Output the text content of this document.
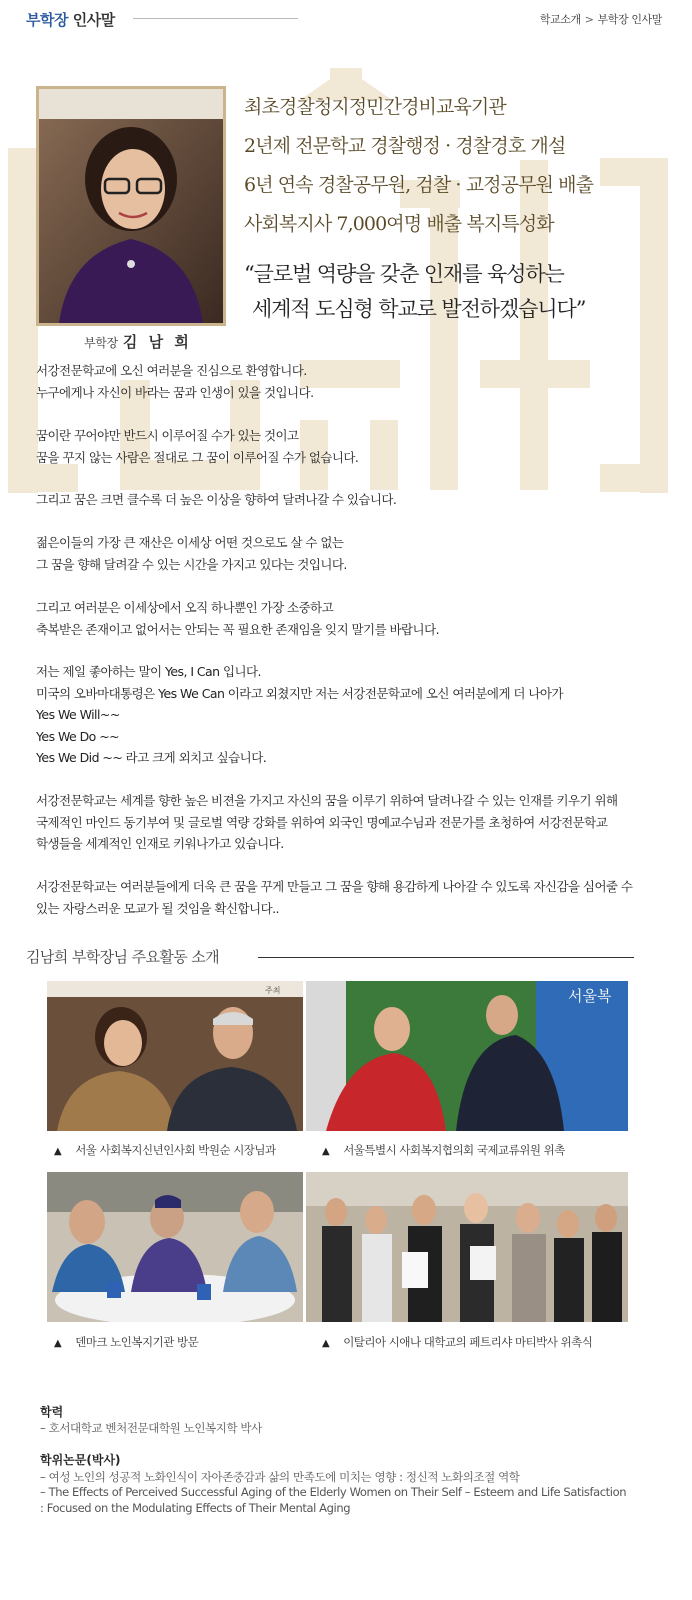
부학장 인사말	학교소개 > 부학장 인사말
부학장 김 남 희
최초경찰청지정민간경비교육기관
2년제 전문학교 경찰행정 · 경찰경호 개설
6년 연속 경찰공무원, 검찰 · 교정공무원 배출
사회복지사 7,000여명 배출 복지특성화
“글로벌 역량을 갖춘 인재를 육성하는
세계적 도심형 학교로 발전하겠습니다”
서강전문학교에 오신 여러분을 진심으로 환영합니다.
누구에게나 자신이 바라는 꿈과 인생이 있을 것입니다.
꿈이란 꾸어야만 반드시 이루어질 수가 있는 것이고
꿈을 꾸지 않는 사람은 절대로 그 꿈이 이루어질 수가 없습니다.
그리고 꿈은 크면 클수록 더 높은 이상을 향하여 달려나갈 수 있습니다.
젊은이들의 가장 큰 재산은 이세상 어떤 것으로도 살 수 없는
그 꿈을 향해 달려갈 수 있는 시간을 가지고 있다는 것입니다.
그리고 여러분은 이세상에서 오직 하나뿐인 가장 소중하고
축복받은 존재이고 없어서는 안되는 꼭 필요한 존재임을 잊지 말기를 바랍니다.
저는 제일 좋아하는 말이 Yes, I Can 입니다.
미국의 오바마대통령은 Yes We Can 이라고 외쳤지만 저는 서강전문학교에 오신 여러분에게 더 나아가
Yes We Will~~
Yes We Do ~~
Yes We Did ~~ 라고 크게 외치고 싶습니다.
서강전문학교는 세계를 향한 높은 비젼을 가지고 자신의 꿈을 이루기 위하여 달려나갈 수 있는 인재를 키우기 위해
국제적인 마인드 동기부여 및 글로벌 역량 강화를 위하여 외국인 명예교수님과 전문가를 초청하여 서강전문학교
학생들을 세계적인 인재로 키워나가고 있습니다.
서강전문학교는 여러분들에게 더욱 큰 꿈을 꾸게 만들고 그 꿈을 향해 용감하게 나아갈 수 있도록 자신감을 심어줄 수
있는 자랑스러운 모교가 될 것임을 확신합니다..
김남희 부학장님 주요활동 소개
주최
▲ 서울 사회복지신년인사회 박원순 시장님과
서울복
▲ 서울특별시 사회복지협의회 국제교류위원 위촉
▲ 덴마크 노인복지기관 방문	▲ 이탈리아 시애나 대학교의 페트리샤 마티박사 위촉식
학력
– 호서대학교 벤처전문대학원 노인복지학 박사
학위논문(박사)
– 여성 노인의 성공적 노화인식이 자아존중감과 삶의 만족도에 미치는 영향 : 정신적 노화의조절 역학
– The Effects of Perceived Successful Aging of the Elderly Women on Their Self – Esteem and Life Satisfaction
: Focused on the Modulating Effects of Their Mental Aging
